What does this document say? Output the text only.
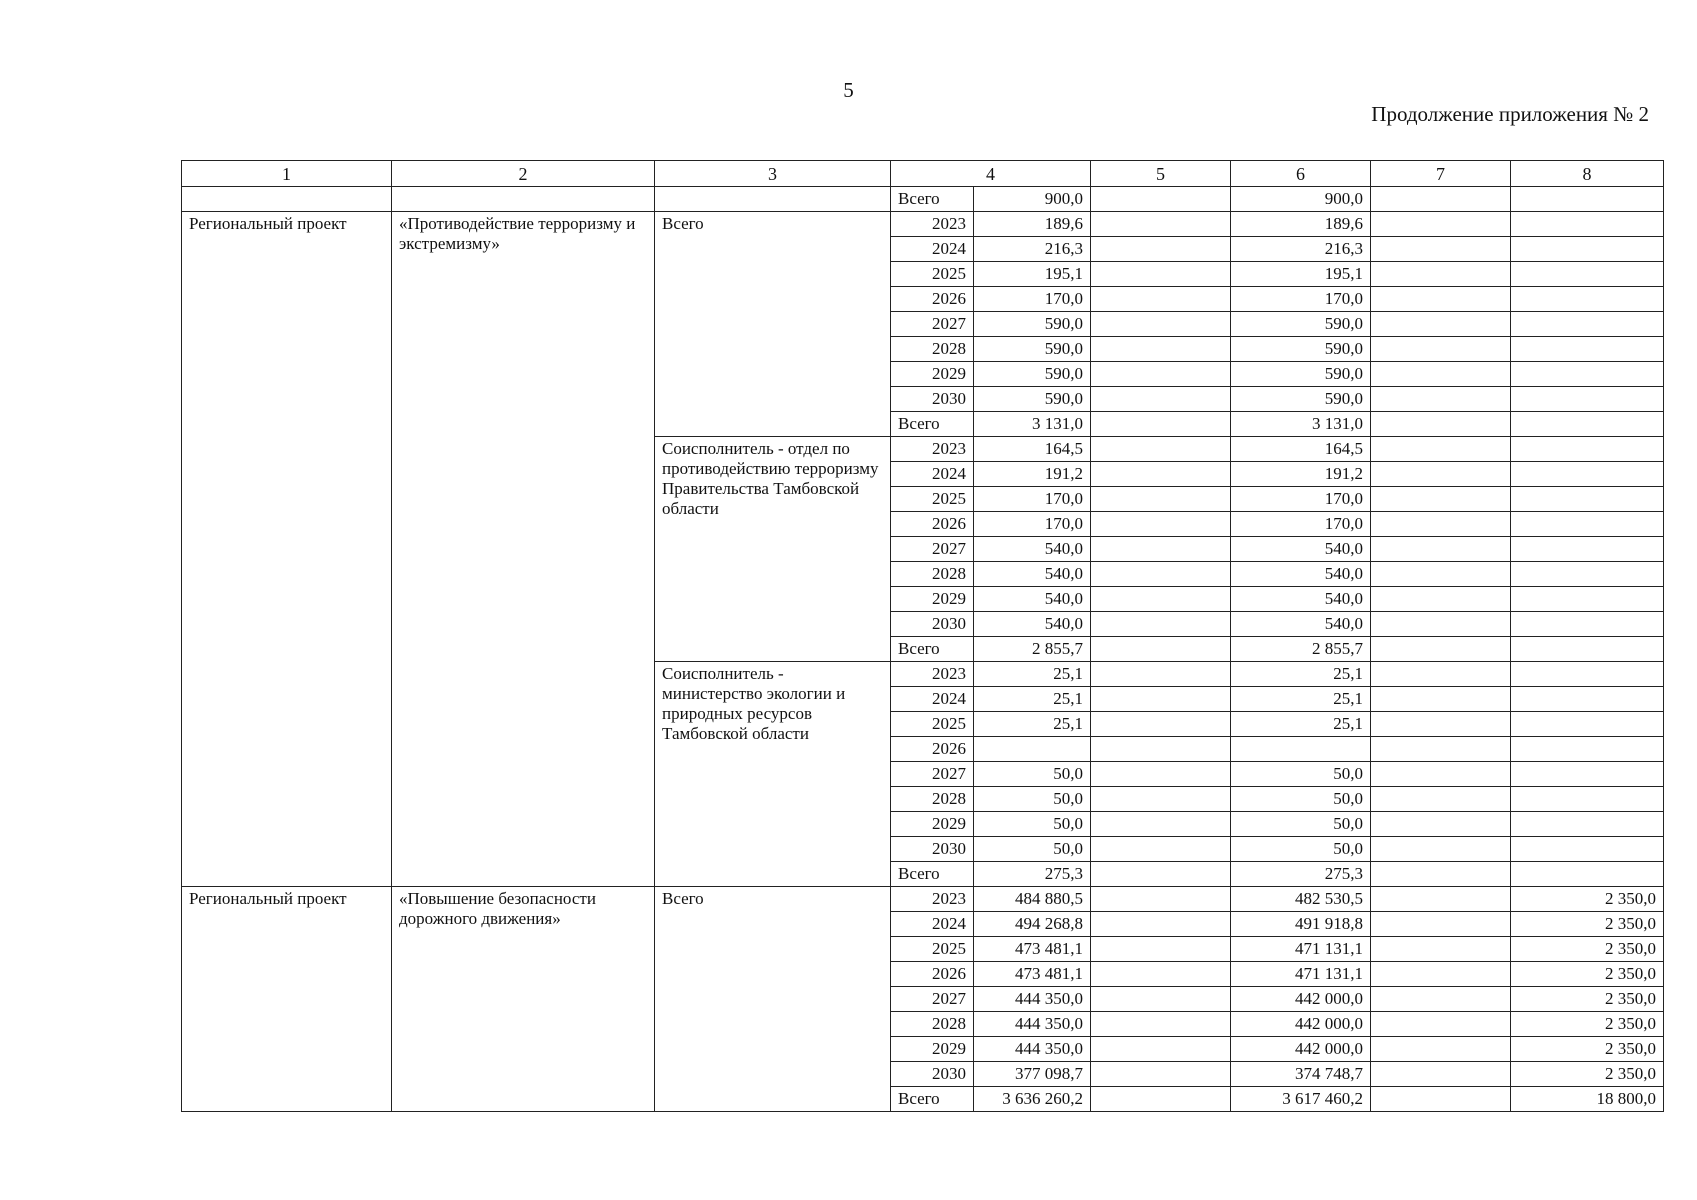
5
Продолжение приложения № 2
1	2	3	4		5	6	7	8
			Всего	900,0		900,0		
Региональный проект	«Противодействие терроризму и экстремизму»	Всего	2023	189,6		189,6		
			2024	216,3		216,3		
			2025	195,1		195,1		
			2026	170,0		170,0		
			2027	590,0		590,0		
			2028	590,0		590,0		
			2029	590,0		590,0		
			2030	590,0		590,0		
			Всего	3 131,0		3 131,0		
		Соисполнитель - отдел по противодействию терроризму Правительства Тамбовской области	2023	164,5		164,5		
			2024	191,2		191,2		
			2025	170,0		170,0		
			2026	170,0		170,0		
			2027	540,0		540,0		
			2028	540,0		540,0		
			2029	540,0		540,0		
			2030	540,0		540,0		
			Всего	2 855,7		2 855,7		
		Соисполнитель - министерство экологии и природных ресурсов Тамбовской области	2023	25,1		25,1		
			2024	25,1		25,1		
			2025	25,1		25,1		
			2026					
			2027	50,0		50,0		
			2028	50,0		50,0		
			2029	50,0		50,0		
			2030	50,0		50,0		
			Всего	275,3		275,3		
Региональный проект	«Повышение безопасности дорожного движения»	Всего	2023	484 880,5		482 530,5		2 350,0
			2024	494 268,8		491 918,8		2 350,0
			2025	473 481,1		471 131,1		2 350,0
			2026	473 481,1		471 131,1		2 350,0
			2027	444 350,0		442 000,0		2 350,0
			2028	444 350,0		442 000,0		2 350,0
			2029	444 350,0		442 000,0		2 350,0
			2030	377 098,7		374 748,7		2 350,0
			Всего	3 636 260,2		3 617 460,2		18 800,0
